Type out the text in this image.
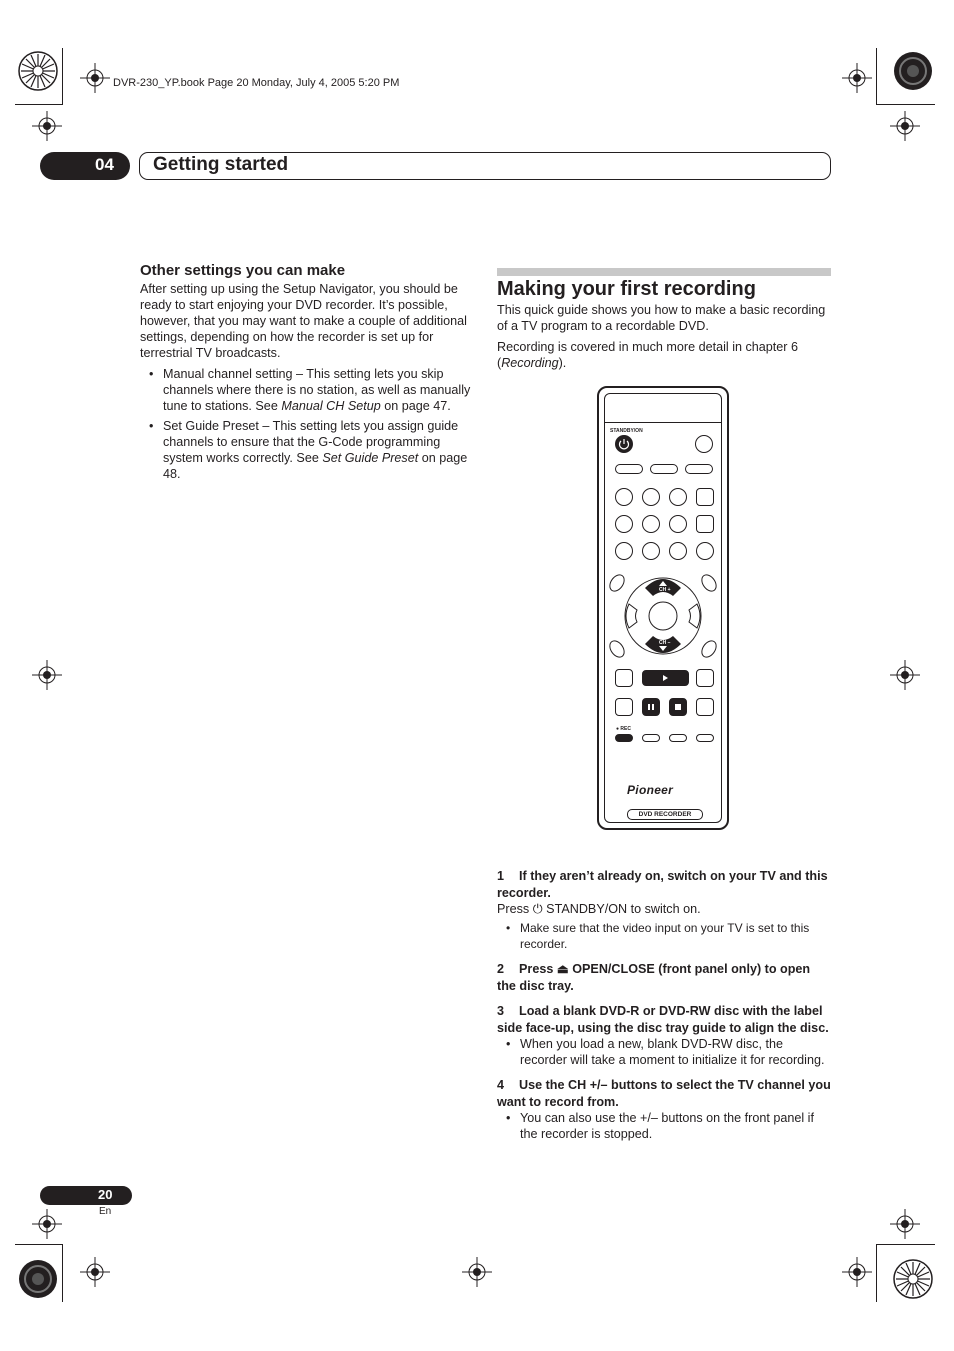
DVR-230_YP.book Page 20 Monday, July 4, 2005 5:20 PM
04 Getting started
Other settings you can make
After setting up using the Setup Navigator, you should be ready to start enjoying your DVD recorder. It’s possible, however, that you may want to make a couple of additional settings, depending on how the recorder is set up for terrestrial TV broadcasts.
• Manual channel setting – This setting lets you skip channels where there is no station, as well as manually tune to stations. See Manual CH Setup on page 47.
• Set Guide Preset – This setting lets you assign guide channels to ensure that the G-Code programming system works correctly. See Set Guide Preset on page 48.
Making your first recording
This quick guide shows you how to make a basic recording of a TV program to a recordable DVD.
Recording is covered in much more detail in chapter 6 (Recording).
STANDBY/ON
CH +
CH –
● REC
Pioneer
DVD RECORDER
1 If they aren’t already on, switch on your TV and this recorder.
Press ⏻ STANDBY/ON to switch on.
• Make sure that the video input on your TV is set to this recorder.
2 Press ⏏ OPEN/CLOSE (front panel only) to open the disc tray.
3 Load a blank DVD-R or DVD-RW disc with the label side face-up, using the disc tray guide to align the disc.
• When you load a new, blank DVD-RW disc, the recorder will take a moment to initialize it for recording.
4 Use the CH +/– buttons to select the TV channel you want to record from.
• You can also use the +/– buttons on the front panel if the recorder is stopped.
20
En
